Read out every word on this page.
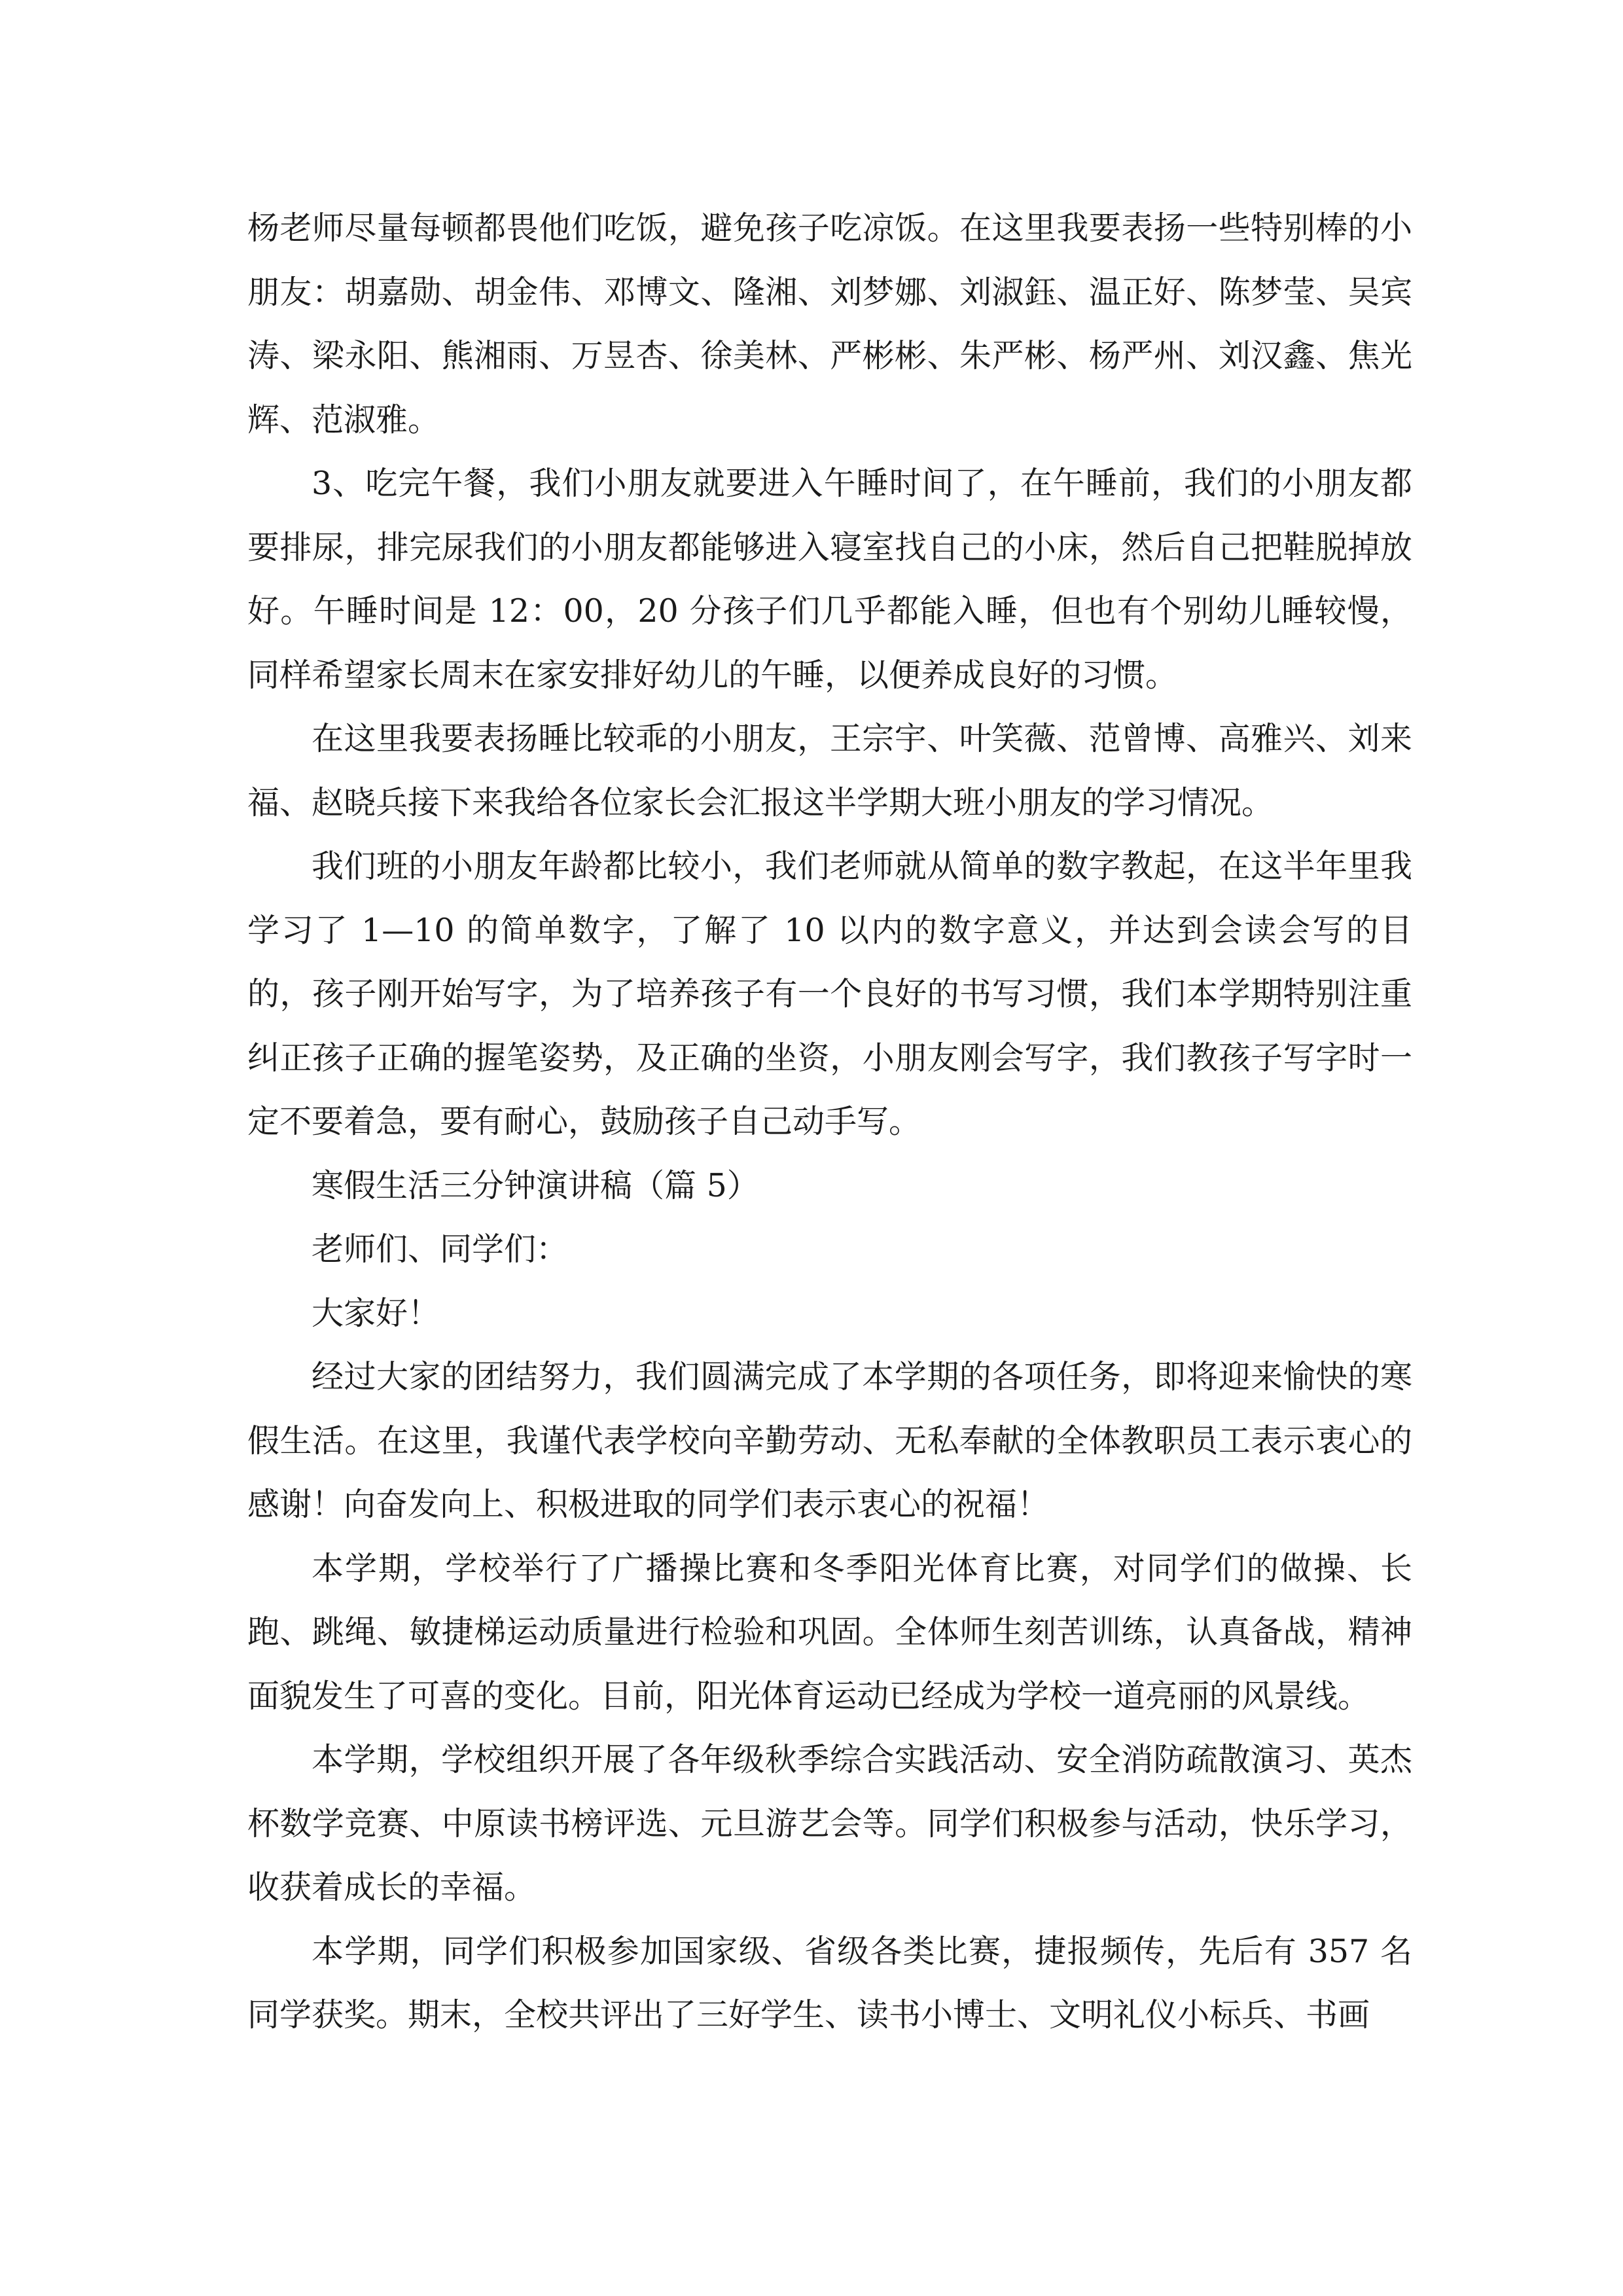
杨老师尽量每顿都畏他们吃饭，避免孩子吃凉饭。在这里我要表扬一些特别棒的小朋友：胡嘉勋、胡金伟、邓博文、隆湘、刘梦娜、刘淑鈺、温正好、陈梦莹、吴宾涛、梁永阳、熊湘雨、万昱杏、徐美林、严彬彬、朱严彬、杨严州、刘汉鑫、焦光辉、范淑雅。

3、吃完午餐，我们小朋友就要进入午睡时间了，在午睡前，我们的小朋友都要排尿，排完尿我们的小朋友都能够进入寝室找自己的小床，然后自己把鞋脱掉放好。午睡时间是 12：00，20 分孩子们几乎都能入睡，但也有个别幼儿睡较慢，同样希望家长周末在家安排好幼儿的午睡，以便养成良好的习惯。

在这里我要表扬睡比较乖的小朋友，王宗宇、叶笑薇、范曾博、高雅兴、刘来福、赵晓兵接下来我给各位家长会汇报这半学期大班小朋友的学习情况。

我们班的小朋友年龄都比较小，我们老师就从简单的数字教起，在这半年里我学习了 1—10 的简单数字，了解了 10 以内的数字意义，并达到会读会写的目的，孩子刚开始写字，为了培养孩子有一个良好的书写习惯，我们本学期特别注重纠正孩子正确的握笔姿势，及正确的坐资，小朋友刚会写字，我们教孩子写字时一定不要着急，要有耐心，鼓励孩子自己动手写。

寒假生活三分钟演讲稿（篇 5）

老师们、同学们：

大家好！

经过大家的团结努力，我们圆满完成了本学期的各项任务，即将迎来愉快的寒假生活。在这里，我谨代表学校向辛勤劳动、无私奉献的全体教职员工表示衷心的感谢！向奋发向上、积极进取的同学们表示衷心的祝福！

本学期，学校举行了广播操比赛和冬季阳光体育比赛，对同学们的做操、长跑、跳绳、敏捷梯运动质量进行检验和巩固。全体师生刻苦训练，认真备战，精神面貌发生了可喜的变化。目前，阳光体育运动已经成为学校一道亮丽的风景线。

本学期，学校组织开展了各年级秋季综合实践活动、安全消防疏散演习、英杰杯数学竞赛、中原读书榜评选、元旦游艺会等。同学们积极参与活动，快乐学习，收获着成长的幸福。

本学期，同学们积极参加国家级、省级各类比赛，捷报频传，先后有 357 名同学获奖。期末，全校共评出了三好学生、读书小博士、文明礼仪小标兵、书画
